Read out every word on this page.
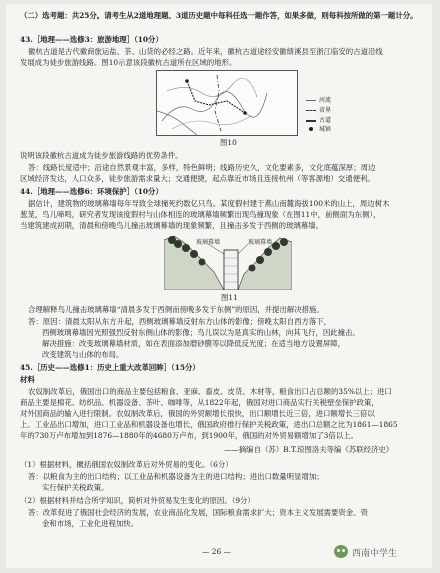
（二）选考题：共25分。请考生从2道地理题、3道历史题中每科任选一题作答，如果多做，则每科按所做的第一题计分。
43.［地理——选修3：旅游地理］（10分）
徽杭古道是古代徽商旅运盐、茶、山货的必经之路。近年来，徽杭古道途经安徽绩溪县至浙江临安的古道沿线
发展成为徒步旅游线路。图10示意该段徽杭古道所在区域的地形。
河流
省界
古道
城镇
图10
说明该段徽杭古道成为徒步旅游线路的优势条件。
答：线路长度适中；沿途自然景观丰富，多样，特色鲜明；线路历史久，文化要素多，文化底蕴深厚；周边
区域经济发达，人口众多，徒步旅游需求量大；交通便捷，起点靠近市场且连接杭州（等客源地）交通便利。
44.［地理——选修6：环境保护］（10分）
据估计，建筑物的玻璃幕墙每年导致全球撞死约数亿只鸟。某度假村建于燕山南麓海拔100米的山上，周边树木
葱茏，鸟儿啼鸣，研究者发现该度假村与山体相连的玻璃幕墙频繁出现鸟撞现象（在图11中，前侧面为东侧），
当建筑建成初期，清晨和傍晚鸟儿撞击玻璃幕墙的现象频繁，且撞击多发于西侧的玻璃幕墙。
玻璃幕墙	玻璃幕墙
图11
合理解释鸟儿撞击玻璃幕墙“清晨多发于西侧而傍晚多发于东侧”的原因，并提出解决措施。
答：原因：清晨太阳从东方升起，西侧玻璃幕墙反射东方山体的影像；傍晚太阳自西方落下，
西侧玻璃幕墙因光照强烈反射东侧山体的影像；鸟儿误以为是真实的山林，向其飞行，因此撞击。
解决措施：改变玻璃幕墙材质，如在表面添加磨砂膜等以降低反光度；在适当地方设置屏障，
改变建筑与山体的布局。
45.［历史——选修1：历史上重大改革回眸］（15分）
材料
农奴制改革后，俄国出口的商品主要包括粮食、亚麻、畜皮、皮货、木材等，粮食出口占总额的35%以上；进口
商品主要是棉花、纺织品、机器设备、茶叶、咖啡等，从1822年起，俄国对进口商品实行关税壁垒保护政策，
对外国商品的输入进行限制。农奴制改革后，俄国的外贸额增长很快，出口额增长近三倍，进口额增长三倍以
上。工业品出口增加，进口工业品和机器设备也增长，俄国政府推行保护关税政策，进出口总额之比为1861—1865
年的730万卢布增加到1876—1880年的4680万卢布，到1900年，俄国的对外贸易额增加了3倍以上。
——摘编自（苏）B.T.琼图洛夫等编《苏联经济史》
（1）根据材料，概括俄国农奴制改革后对外贸易的变化。（6分）
答：以粮食为主的出口结构；以工业品和机器设备为主的进口结构；进出口数量明显增加；
实行保护关税政策。
（2）根据材料并结合所学知识，简析对外贸易发生变化的原因。（9分）
答：改革促进了俄国社会经济的发展，农业商品化发展，国际粮食需求扩大；资本主义发展需要资金、资
金和市场，工业化进程加快。
— 26 —	西南中学生
